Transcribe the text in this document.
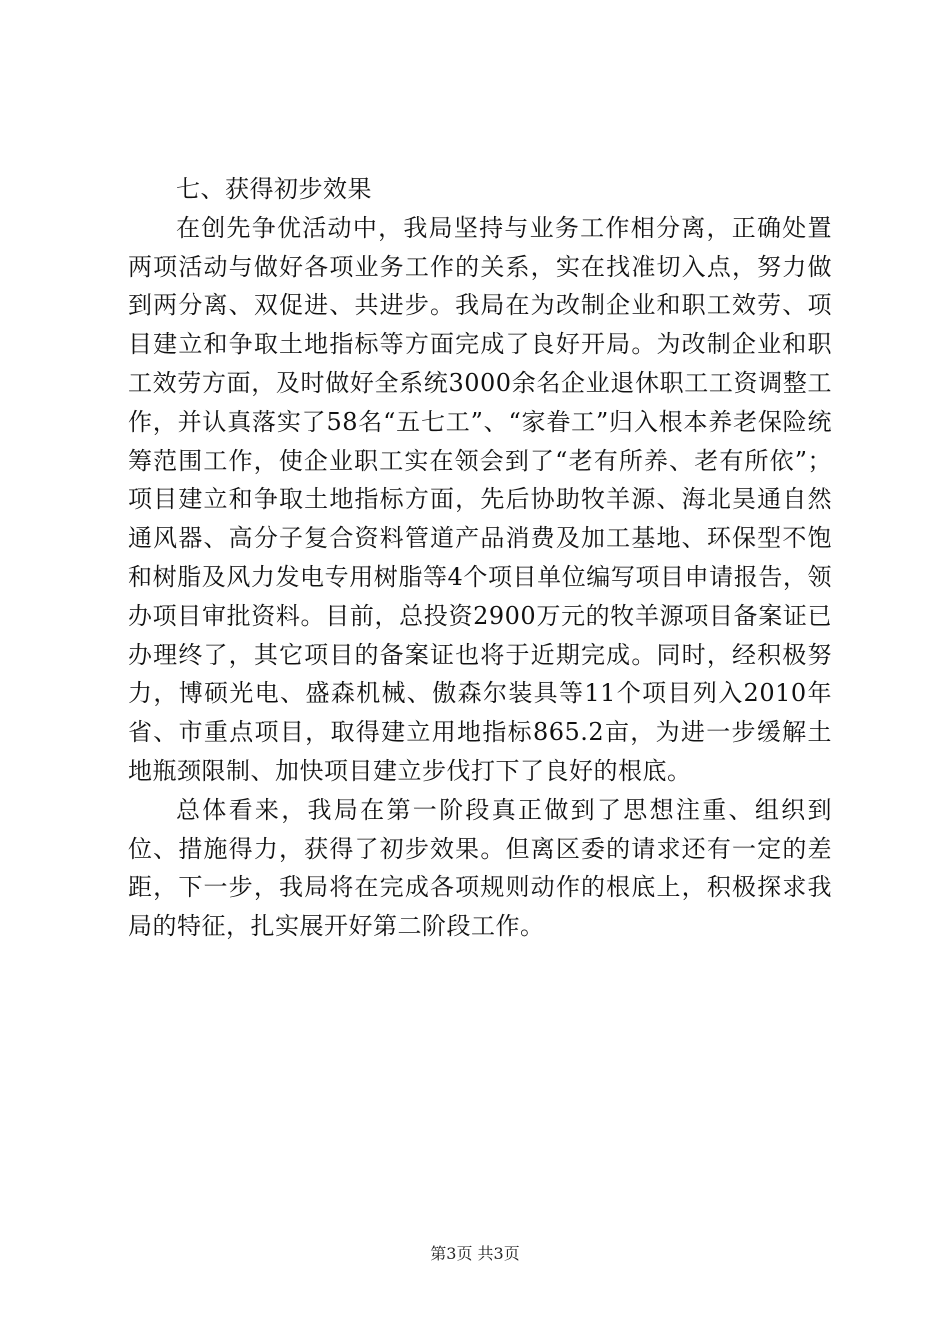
七、获得初步效果

在创先争优活动中，我局坚持与业务工作相分离，正确处置两项活动与做好各项业务工作的关系，实在找准切入点，努力做到两分离、双促进、共进步。我局在为改制企业和职工效劳、项目建立和争取土地指标等方面完成了良好开局。为改制企业和职工效劳方面，及时做好全系统3000余名企业退休职工工资调整工作，并认真落实了58名“五七工”、“家眷工”归入根本养老保险统筹范围工作，使企业职工实在领会到了“老有所养、老有所依”；项目建立和争取土地指标方面，先后协助牧羊源、海北昊通自然通风器、高分子复合资料管道产品消费及加工基地、环保型不饱和树脂及风力发电专用树脂等4个项目单位编写项目申请报告，领办项目审批资料。目前，总投资2900万元的牧羊源项目备案证已办理终了，其它项目的备案证也将于近期完成。同时，经积极努力，博硕光电、盛森机械、傲森尔装具等11个项目列入2010年省、市重点项目，取得建立用地指标865.2亩，为进一步缓解土地瓶颈限制、加快项目建立步伐打下了良好的根底。

总体看来，我局在第一阶段真正做到了思想注重、组织到位、措施得力，获得了初步效果。但离区委的请求还有一定的差距，下一步，我局将在完成各项规则动作的根底上，积极探求我局的特征，扎实展开好第二阶段工作。

第3页 共3页
